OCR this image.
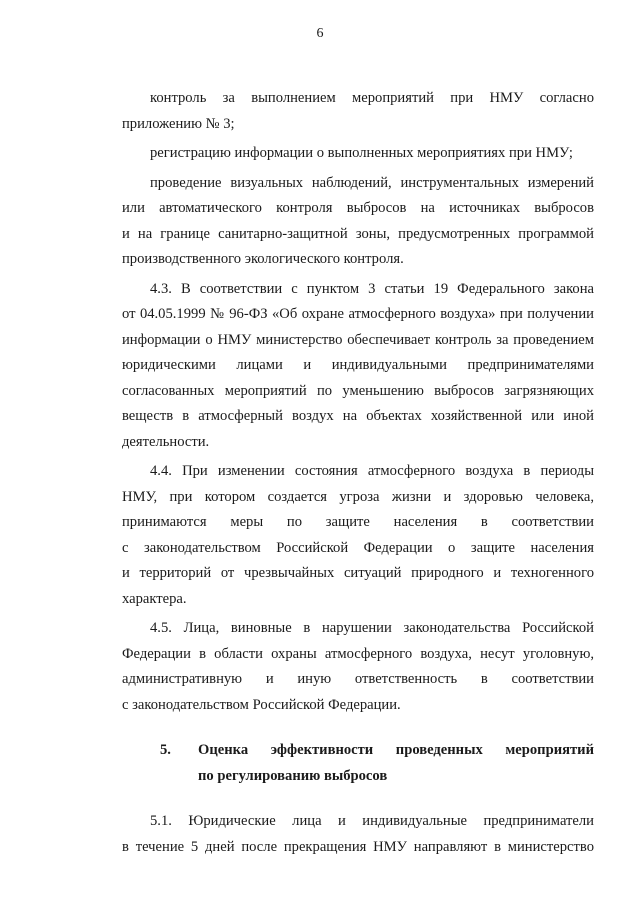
6
контроль за выполнением мероприятий при НМУ согласно
приложению № 3;
регистрацию информации о выполненных мероприятиях при НМУ;
проведение визуальных наблюдений, инструментальных измерений
или автоматического контроля выбросов на источниках выбросов
и на границе санитарно-защитной зоны, предусмотренных программой
производственного экологического контроля.
4.3. В соответствии с пунктом 3 статьи 19 Федерального закона
от 04.05.1999 № 96-ФЗ «Об охране атмосферного воздуха» при получении
информации о НМУ министерство обеспечивает контроль за проведением
юридическими лицами и индивидуальными предпринимателями
согласованных мероприятий по уменьшению выбросов загрязняющих
веществ в атмосферный воздух на объектах хозяйственной или иной
деятельности.
4.4. При изменении состояния атмосферного воздуха в периоды
НМУ, при котором создается угроза жизни и здоровью человека,
принимаются меры по защите населения в соответствии
с законодательством Российской Федерации о защите населения
и территорий от чрезвычайных ситуаций природного и техногенного
характера.
4.5. Лица, виновные в нарушении законодательства Российской
Федерации в области охраны атмосферного воздуха, несут уголовную,
административную и иную ответственность в соответствии
с законодательством Российской Федерации.
5. Оценка эффективности проведенных мероприятий
по регулированию выбросов
5.1. Юридические лица и индивидуальные предприниматели
в течение 5 дней после прекращения НМУ направляют в министерство
